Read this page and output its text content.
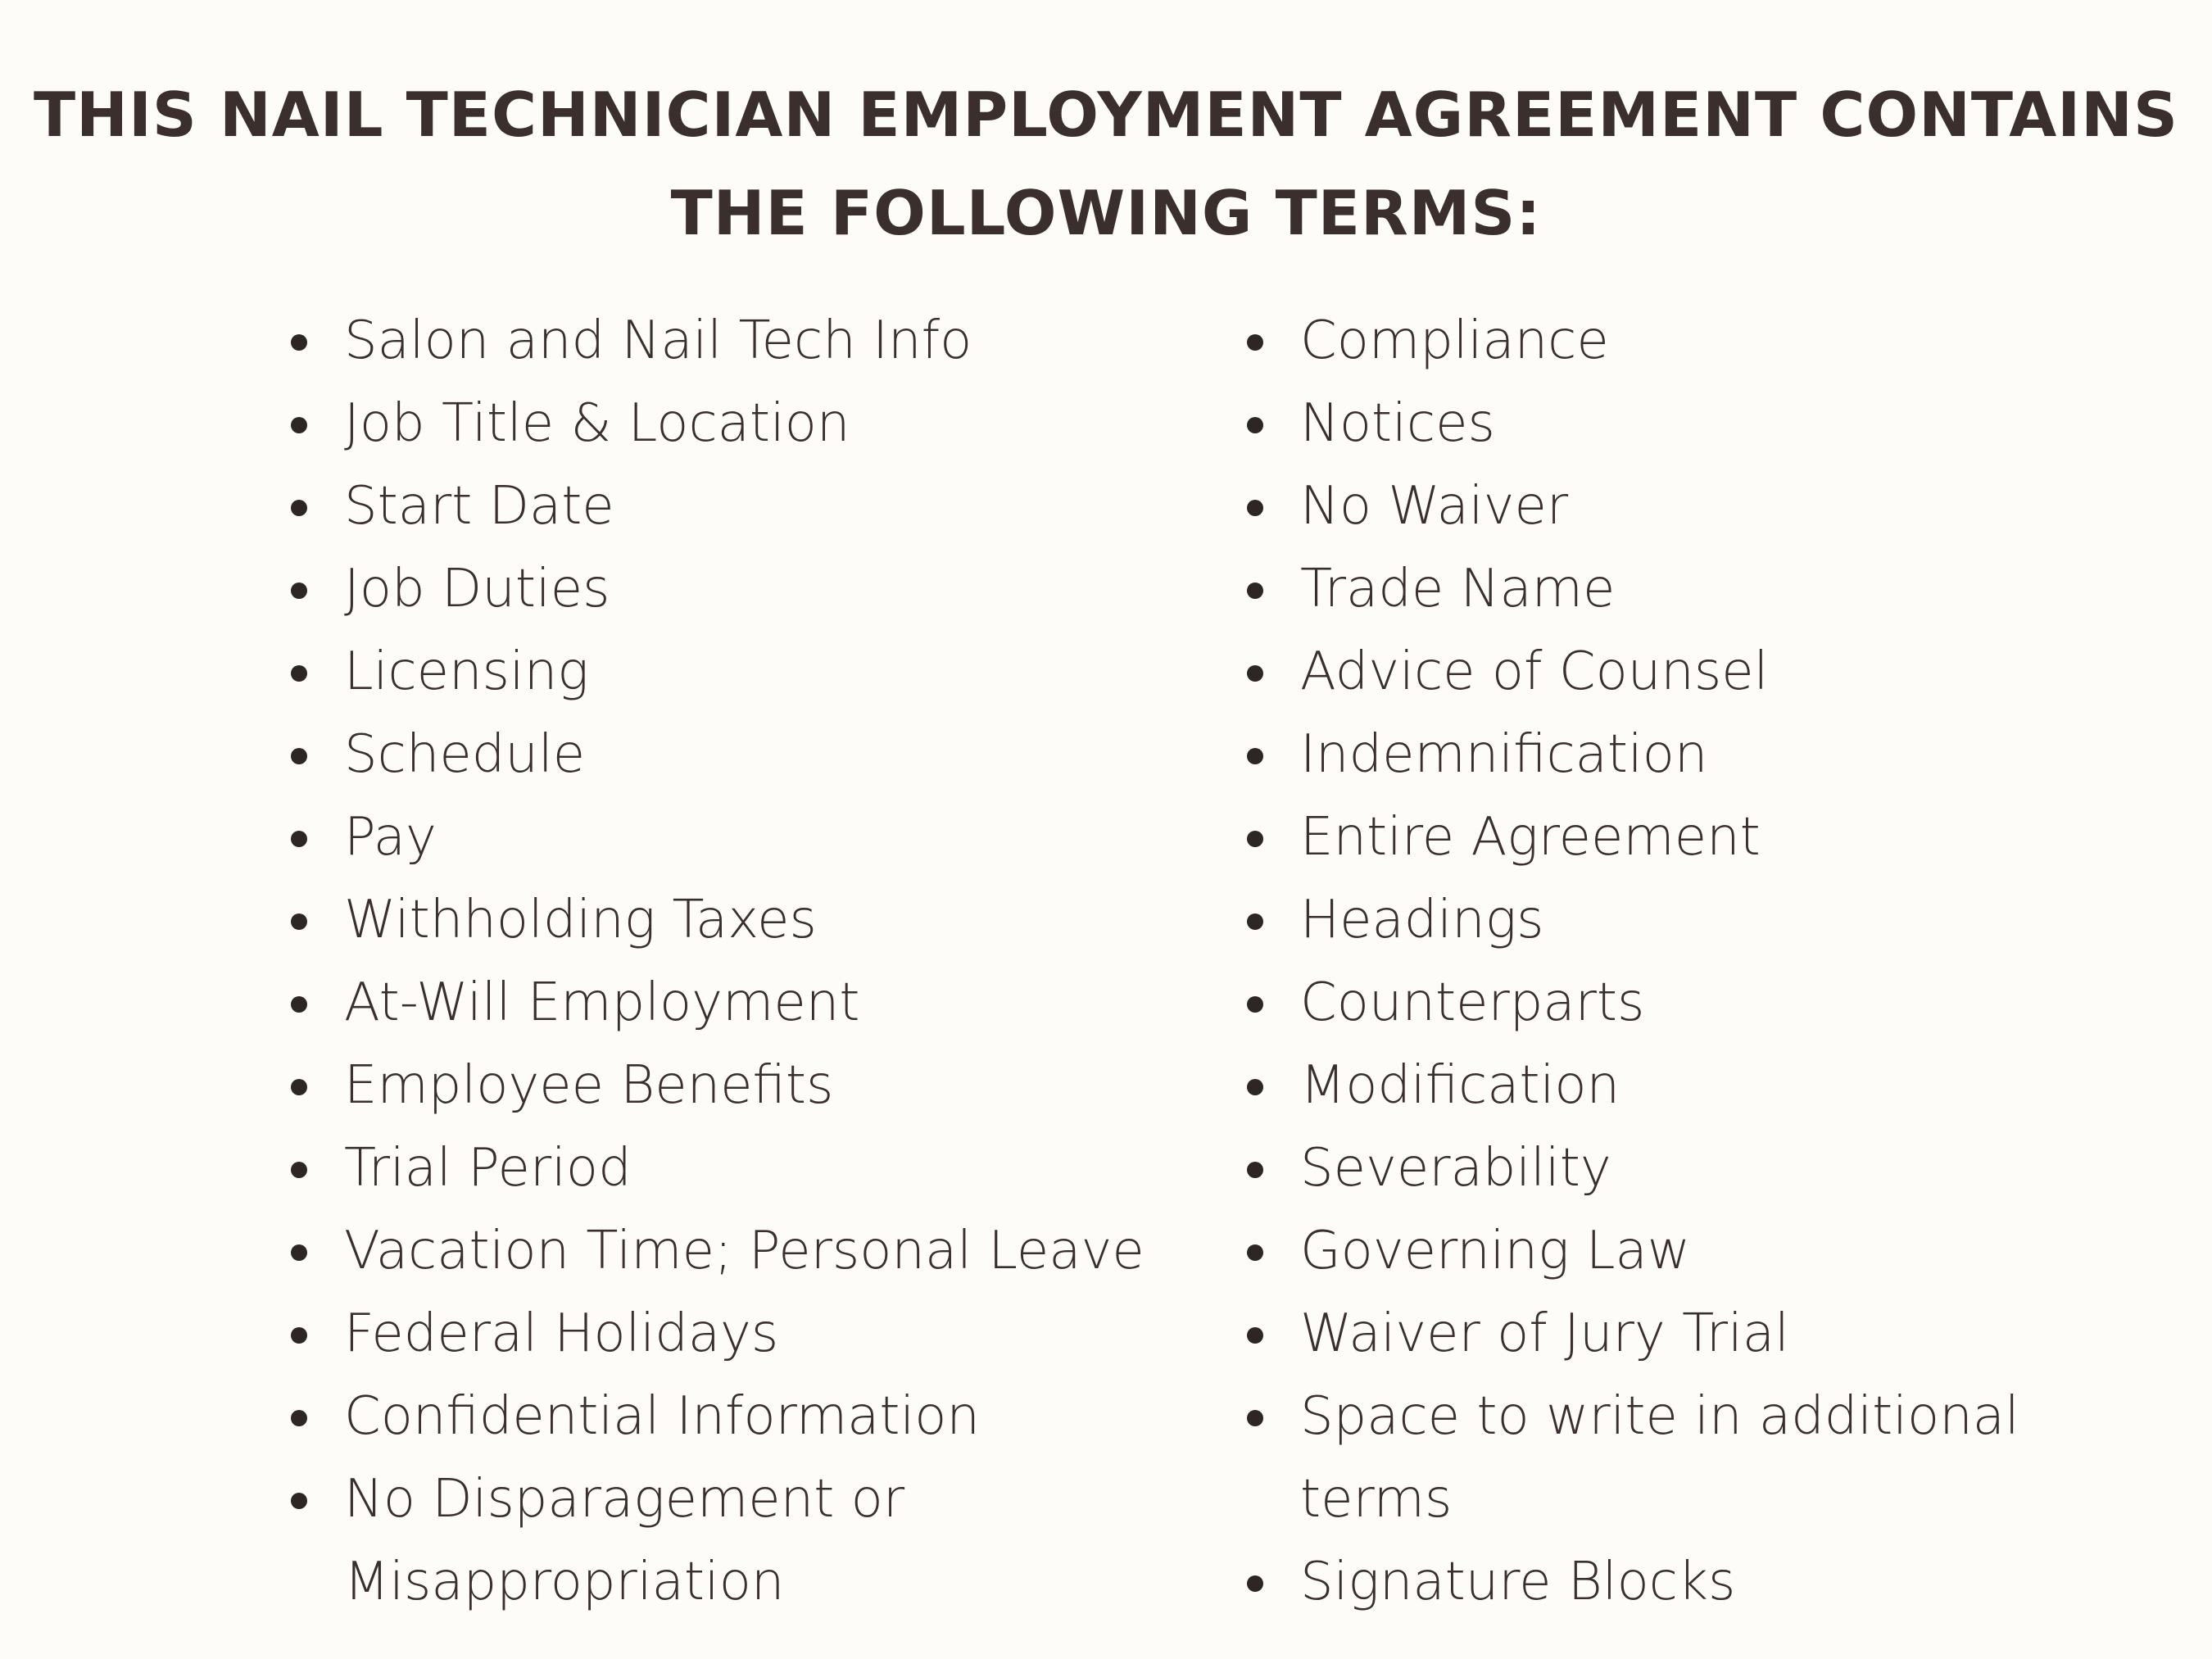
THIS NAIL TECHNICIAN EMPLOYMENT AGREEMENT CONTAINS
THE FOLLOWING TERMS:
Salon and Nail Tech Info
Job Title & Location
Start Date
Job Duties
Licensing
Schedule
Pay
Withholding Taxes
At-Will Employment
Employee Benefits
Trial Period
Vacation Time; Personal Leave
Federal Holidays
Confidential Information
No Disparagement or Misappropriation
Compliance
Notices
No Waiver
Trade Name
Advice of Counsel
Indemnification
Entire Agreement
Headings
Counterparts
Modification
Severability
Governing Law
Waiver of Jury Trial
Space to write in additional terms
Signature Blocks
